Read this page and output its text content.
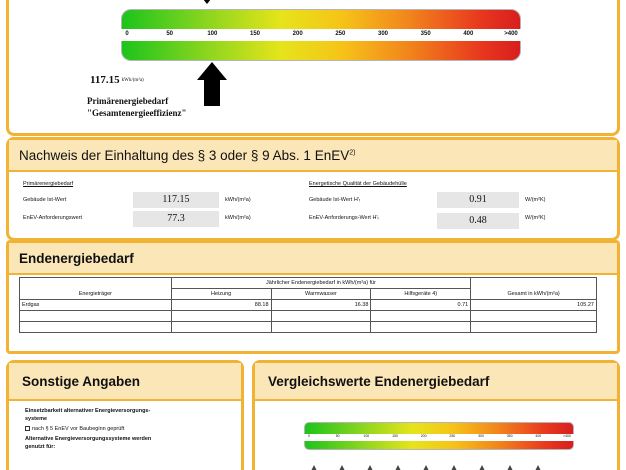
0	50	100	150	200	250	300	350	400	>400
117.15 kWh/(m²a)
Primärenergiebedarf
"Gesamtenergieeffizienz"
Nachweis der Einhaltung des § 3 oder § 9 Abs. 1 EnEV$^{2)}$
Primärenergiebedarf
Gebäude Ist-Wert	117.15	kWh/(m²a)
EnEV-Anforderungswert	77.3	kWh/(m²a)
Energetische Qualität der Gebäudehülle
Gebäude Ist-Wert H'ₜ	0.91	W/(m²K)
EnEV-Anforderungs-Wert H'ₜ	0.48	W/(m²K)
Endenergiebedarf
	Jährlicher Endenergiebedarf in kWh/(m²a) für			
Energieträger	Heizung	Warmwasser	Hilfsgeräte 4)	Gesamt in kWh/(m²a)
Erdgas	88.18	16.38	0.71	105.27

Sonstige Angaben
Einsetzbarkeit alternativer Energieversorgungs-
systeme
nach § 5 EnEV vor Baubeginn geprüft
Alternative Energieversorgungssysteme werden
genutzt für:
Vergleichswerte Endenergiebedarf
0	50	100	150	200	250	300	350	400	>400
